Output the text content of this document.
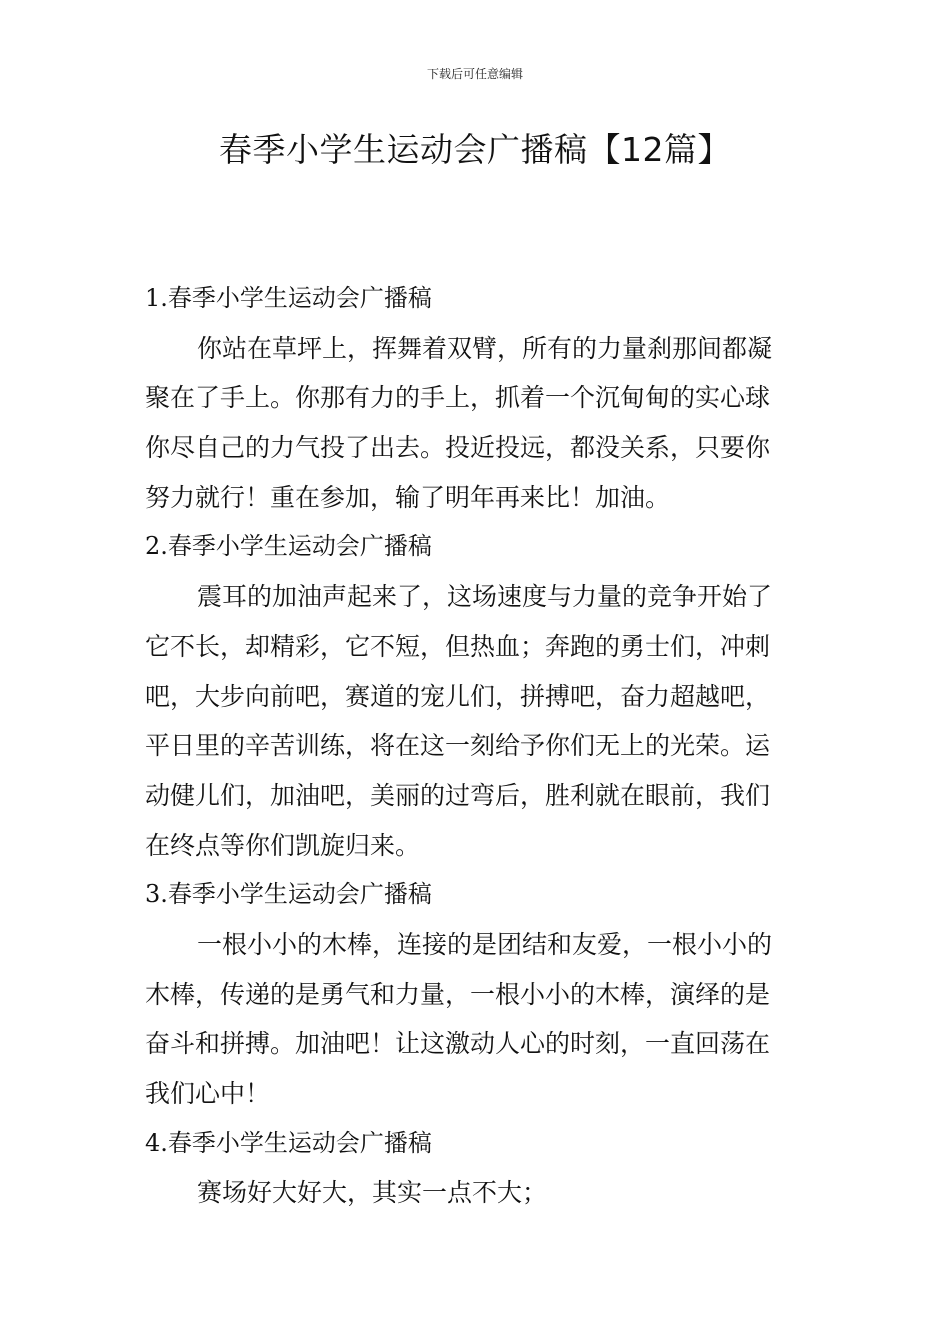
下载后可任意编辑
春季小学生运动会广播稿【12篇】
1.春季小学生运动会广播稿
你站在草坪上，挥舞着双臂，所有的力量刹那间都凝
聚在了手上。你那有力的手上，抓着一个沉甸甸的实心球
你尽自己的力气投了出去。投近投远，都没关系，只要你
努力就行！重在参加，输了明年再来比！加油。
2.春季小学生运动会广播稿
震耳的加油声起来了，这场速度与力量的竞争开始了
它不长，却精彩，它不短，但热血；奔跑的勇士们，冲刺
吧，大步向前吧，赛道的宠儿们，拼搏吧，奋力超越吧，
平日里的辛苦训练，将在这一刻给予你们无上的光荣。运
动健儿们，加油吧，美丽的过弯后，胜利就在眼前，我们
在终点等你们凯旋归来。
3.春季小学生运动会广播稿
一根小小的木棒，连接的是团结和友爱，一根小小的
木棒，传递的是勇气和力量，一根小小的木棒，演绎的是
奋斗和拼搏。加油吧！让这激动人心的时刻，一直回荡在
我们心中！
4.春季小学生运动会广播稿
赛场好大好大，其实一点不大；
